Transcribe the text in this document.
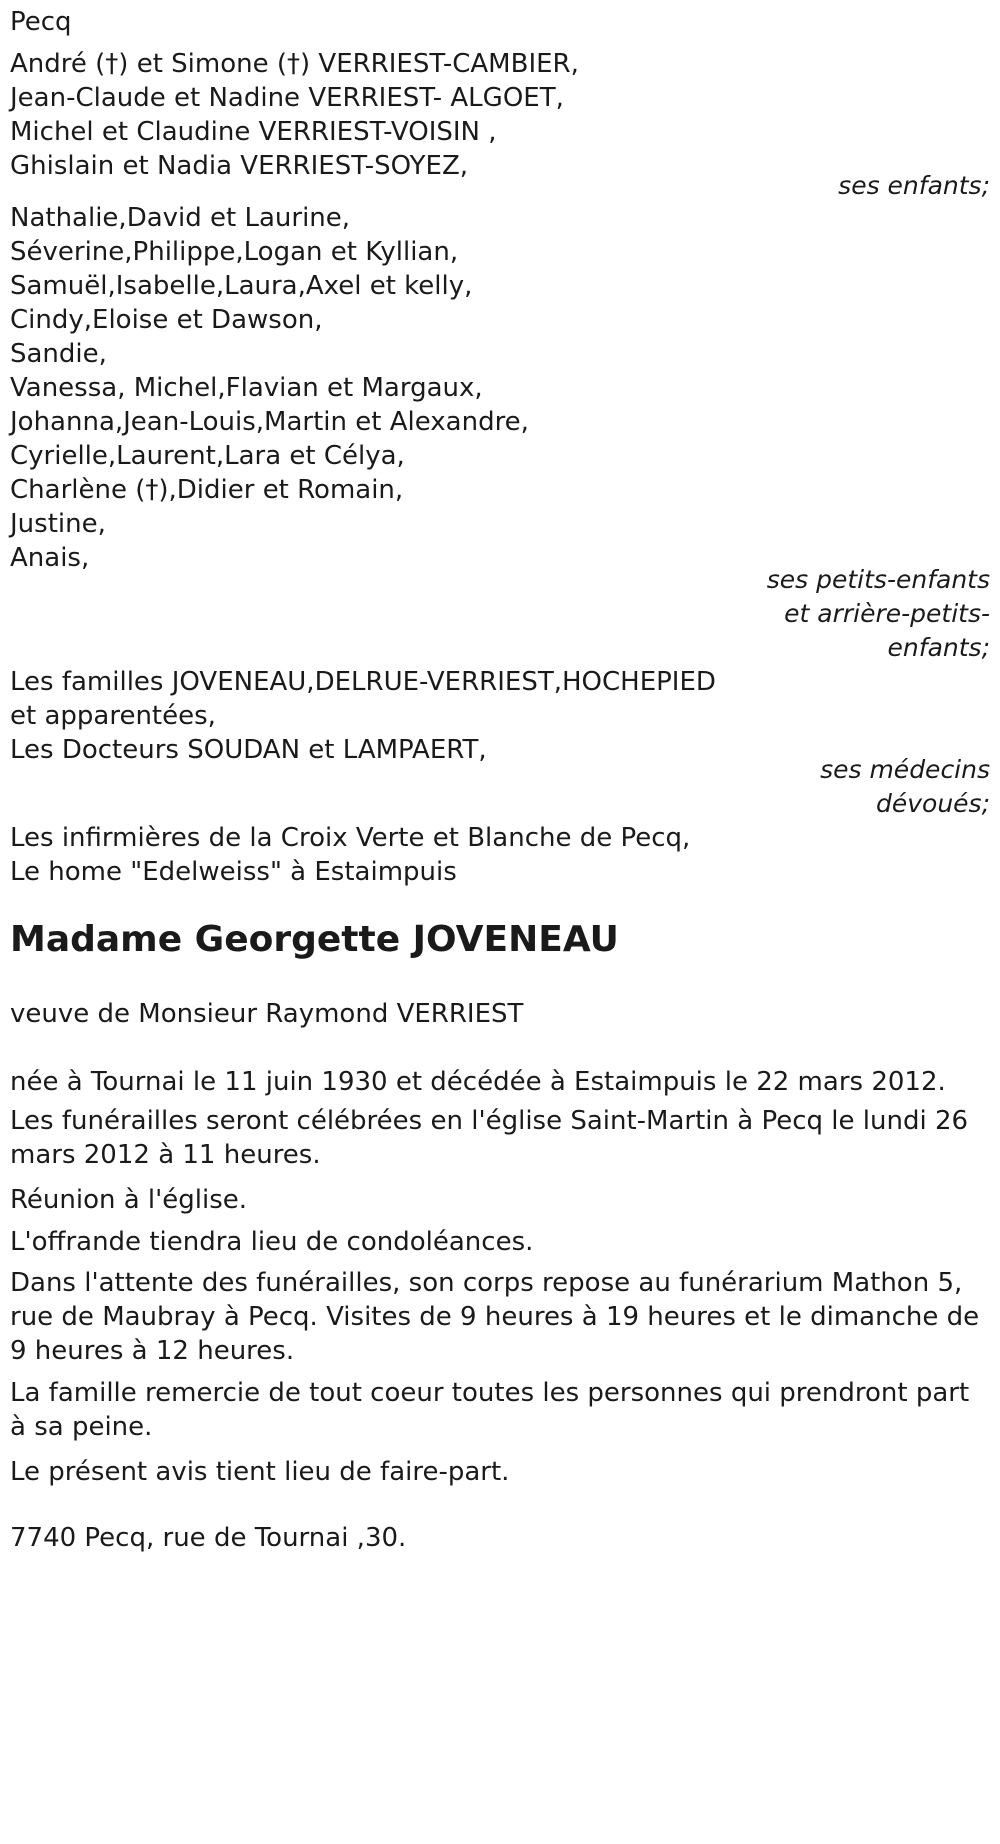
Pecq
André (†) et Simone (†) VERRIEST-CAMBIER,
Jean-Claude et Nadine VERRIEST- ALGOET,
Michel et Claudine VERRIEST-VOISIN ,
Ghislain et Nadia VERRIEST-SOYEZ,
ses enfants;
Nathalie,David et Laurine,
Séverine,Philippe,Logan et Kyllian,
Samuël,Isabelle,Laura,Axel et kelly,
Cindy,Eloise et Dawson,
Sandie,
Vanessa, Michel,Flavian et Margaux,
Johanna,Jean-Louis,Martin et Alexandre,
Cyrielle,Laurent,Lara et Célya,
Charlène (†),Didier et Romain,
Justine,
Anais,
ses petits-enfants
et arrière-petits-
enfants;
Les familles JOVENEAU,DELRUE-VERRIEST,HOCHEPIED
et apparentées,
Les Docteurs SOUDAN et LAMPAERT,
ses médecins
dévoués;
Les infirmières de la Croix Verte et Blanche de Pecq,
Le home "Edelweiss" à Estaimpuis
Madame Georgette JOVENEAU
veuve de Monsieur Raymond VERRIEST
née à Tournai le 11 juin 1930 et décédée à Estaimpuis le 22 mars 2012.
Les funérailles seront célébrées en l'église Saint-Martin à Pecq le lundi 26 mars 2012 à 11 heures.
Réunion à l'église.
L'offrande tiendra lieu de condoléances.
Dans l'attente des funérailles, son corps repose au funérarium Mathon 5, rue de Maubray à Pecq. Visites de 9 heures à 19 heures et le dimanche de 9 heures à 12 heures.
La famille remercie de tout coeur toutes les personnes qui prendront part à sa peine.
Le présent avis tient lieu de faire-part.
7740 Pecq, rue de Tournai ,30.
